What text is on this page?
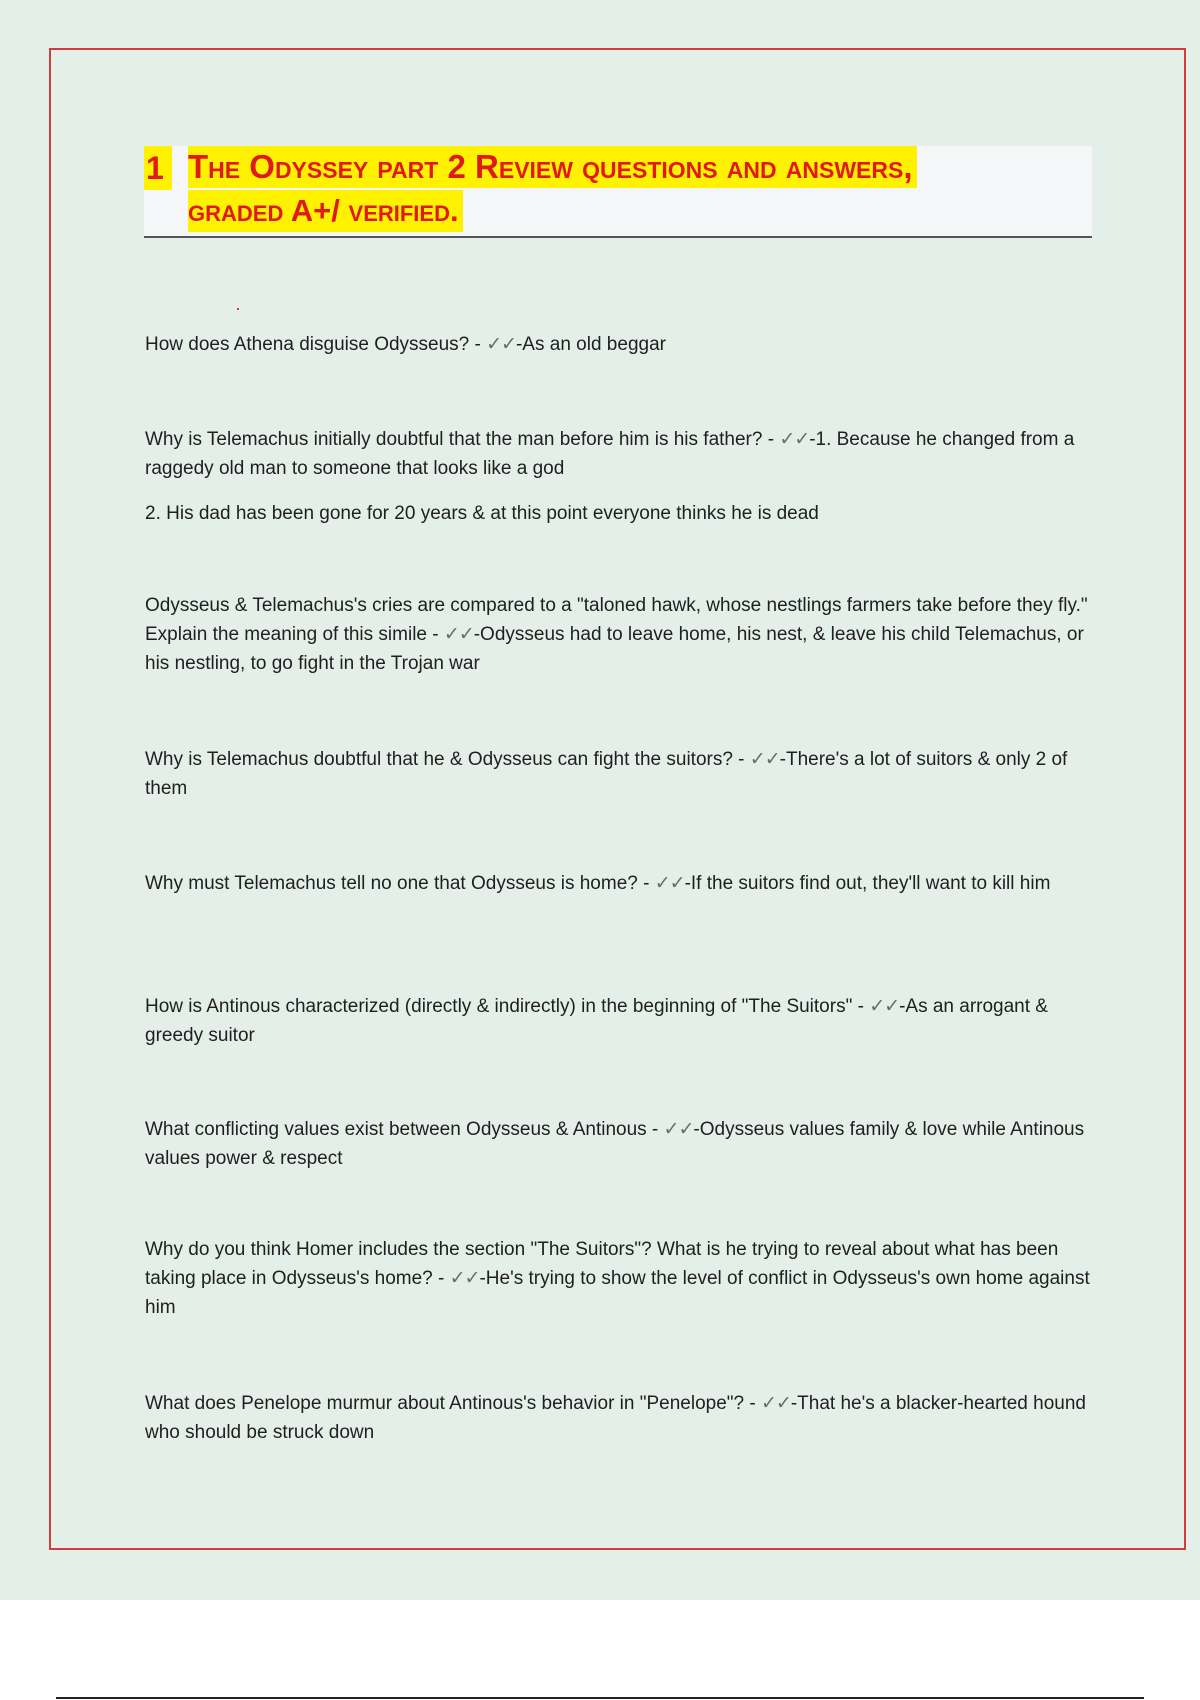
1 The Odyssey part 2 Review questions and answers,
graded A+/ verified.

How does Athena disguise Odysseus? - ✓✓-As an old beggar

Why is Telemachus initially doubtful that the man before him is his father? - ✓✓-1. Because he changed from a raggedy old man to someone that looks like a god

2. His dad has been gone for 20 years & at this point everyone thinks he is dead

Odysseus & Telemachus's cries are compared to a "taloned hawk, whose nestlings farmers take before they fly." Explain the meaning of this simile - ✓✓-Odysseus had to leave home, his nest, & leave his child Telemachus, or his nestling, to go fight in the Trojan war

Why is Telemachus doubtful that he & Odysseus can fight the suitors? - ✓✓-There's a lot of suitors & only 2 of them

Why must Telemachus tell no one that Odysseus is home? - ✓✓-If the suitors find out, they'll want to kill him

How is Antinous characterized (directly & indirectly) in the beginning of "The Suitors" - ✓✓-As an arrogant & greedy suitor

What conflicting values exist between Odysseus & Antinous - ✓✓-Odysseus values family & love while Antinous values power & respect

Why do you think Homer includes the section "The Suitors"? What is he trying to reveal about what has been taking place in Odysseus's home? - ✓✓-He's trying to show the level of conflict in Odysseus's own home against him

What does Penelope murmur about Antinous's behavior in "Penelope"? - ✓✓-That he's a blacker-hearted hound who should be struck down
